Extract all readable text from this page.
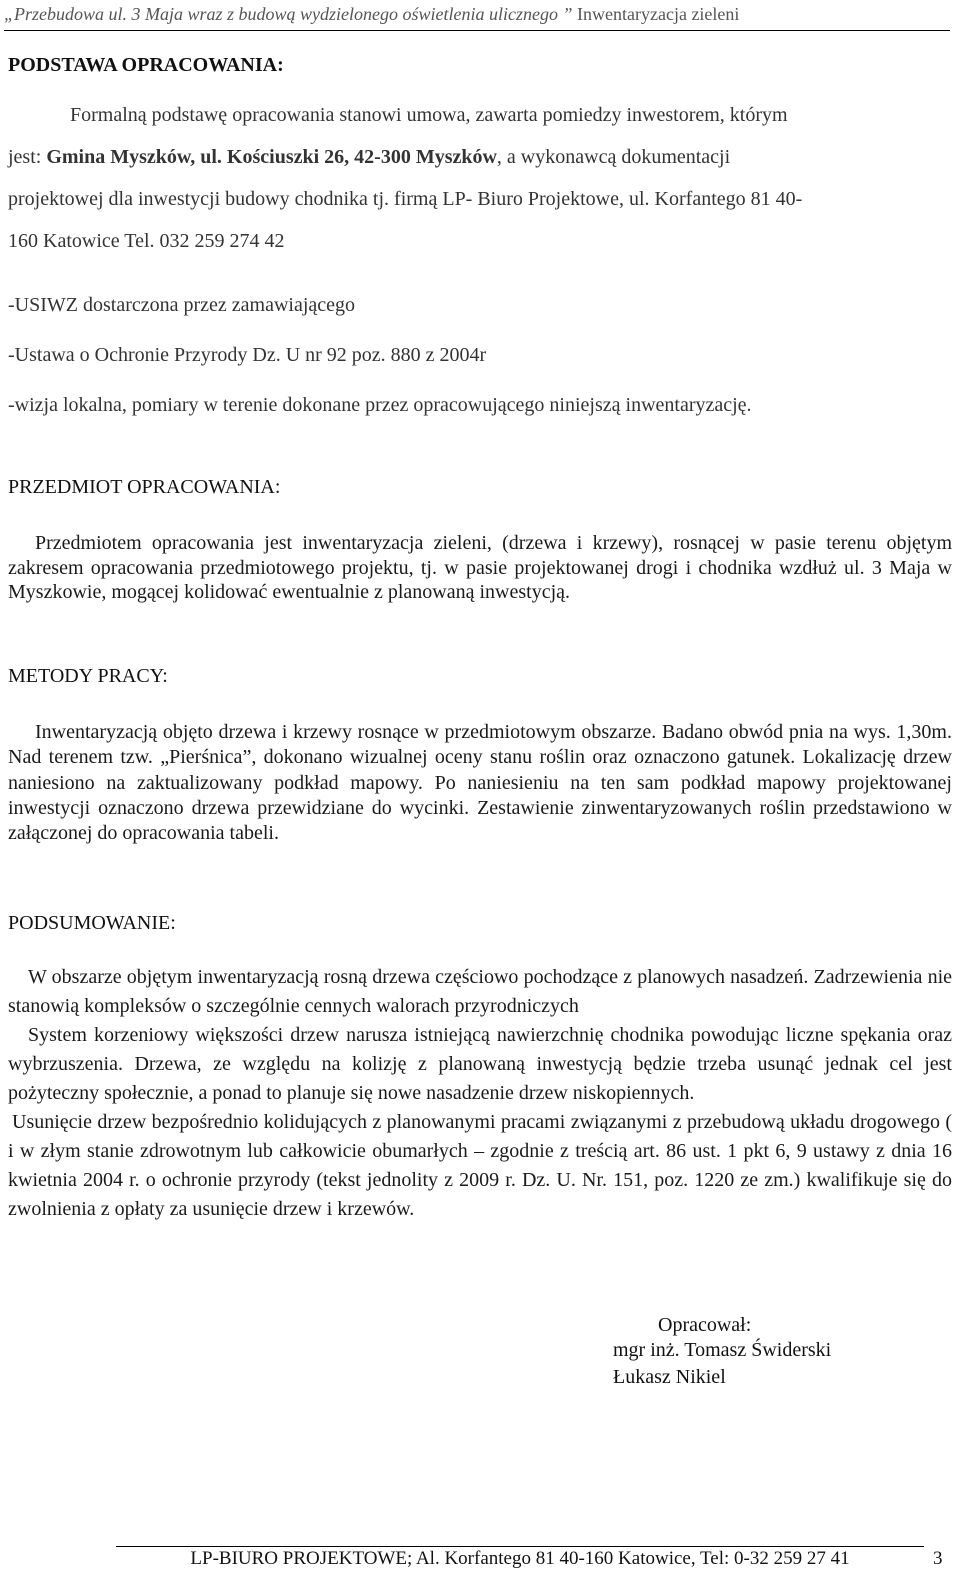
„Przebudowa ul. 3 Maja wraz z budową wydzielonego oświetlenia ulicznego ” Inwentaryzacja zieleni
PODSTAWA OPRACOWANIA:
Formalną podstawę opracowania stanowi umowa, zawarta pomiedzy inwestorem, którym
jest: Gmina Myszków, ul. Kościuszki 26, 42-300 Myszków, a wykonawcą dokumentacji
projektowej dla inwestycji budowy chodnika tj. firmą LP- Biuro Projektowe, ul. Korfantego 81 40-
160 Katowice Tel. 032 259 274 42
-USIWZ dostarczona przez zamawiającego
-Ustawa o Ochronie Przyrody Dz. U nr 92 poz. 880 z 2004r
-wizja lokalna, pomiary w terenie dokonane przez opracowującego niniejszą inwentaryzację.
PRZEDMIOT OPRACOWANIA:

Przedmiotem opracowania jest inwentaryzacja zieleni, (drzewa i krzewy), rosnącej w pasie terenu objętym zakresem opracowania przedmiotowego projektu, tj. w pasie projektowanej drogi i chodnika wzdłuż ul. 3 Maja w Myszkowie, mogącej kolidować ewentualnie z planowaną inwestycją.

METODY PRACY:

Inwentaryzacją objęto drzewa i krzewy rosnące w przedmiotowym obszarze. Badano obwód pnia na wys. 1,30m. Nad terenem tzw. „Pierśnica”, dokonano wizualnej oceny stanu roślin oraz oznaczono gatunek. Lokalizację drzew naniesiono na zaktualizowany podkład mapowy. Po naniesieniu na ten sam podkład mapowy projektowanej inwestycji oznaczono drzewa przewidziane do wycinki. Zestawienie zinwentaryzowanych roślin przedstawiono w załączonej do opracowania tabeli.

PODSUMOWANIE:

W obszarze objętym inwentaryzacją rosną drzewa częściowo pochodzące z planowych nasadzeń. Zadrzewienia nie stanowią kompleksów o szczególnie cennych walorach przyrodniczych

System korzeniowy większości drzew narusza istniejącą nawierzchnię chodnika powodując liczne spękania oraz wybrzuszenia. Drzewa, ze względu na kolizję z planowaną inwestycją będzie trzeba usunąć jednak cel jest pożyteczny społecznie, a ponad to planuje się nowe nasadzenie drzew niskopiennych.

Usunięcie drzew bezpośrednio kolidujących z planowanymi pracami związanymi z przebudową układu drogowego ( i w złym stanie zdrowotnym lub całkowicie obumarłych – zgodnie z treścią art. 86 ust. 1 pkt 6, 9 ustawy z dnia 16 kwietnia 2004 r. o ochronie przyrody (tekst jednolity z 2009 r. Dz. U. Nr. 151, poz. 1220 ze zm.) kwalifikuje się do zwolnienia z opłaty za usunięcie drzew i krzewów.

Opracował:
mgr inż. Tomasz Świderski
Łukasz Nikiel
LP-BIURO PROJEKTOWE; Al. Korfantego 81 40-160 Katowice, Tel: 0-32 259 27 41	3
